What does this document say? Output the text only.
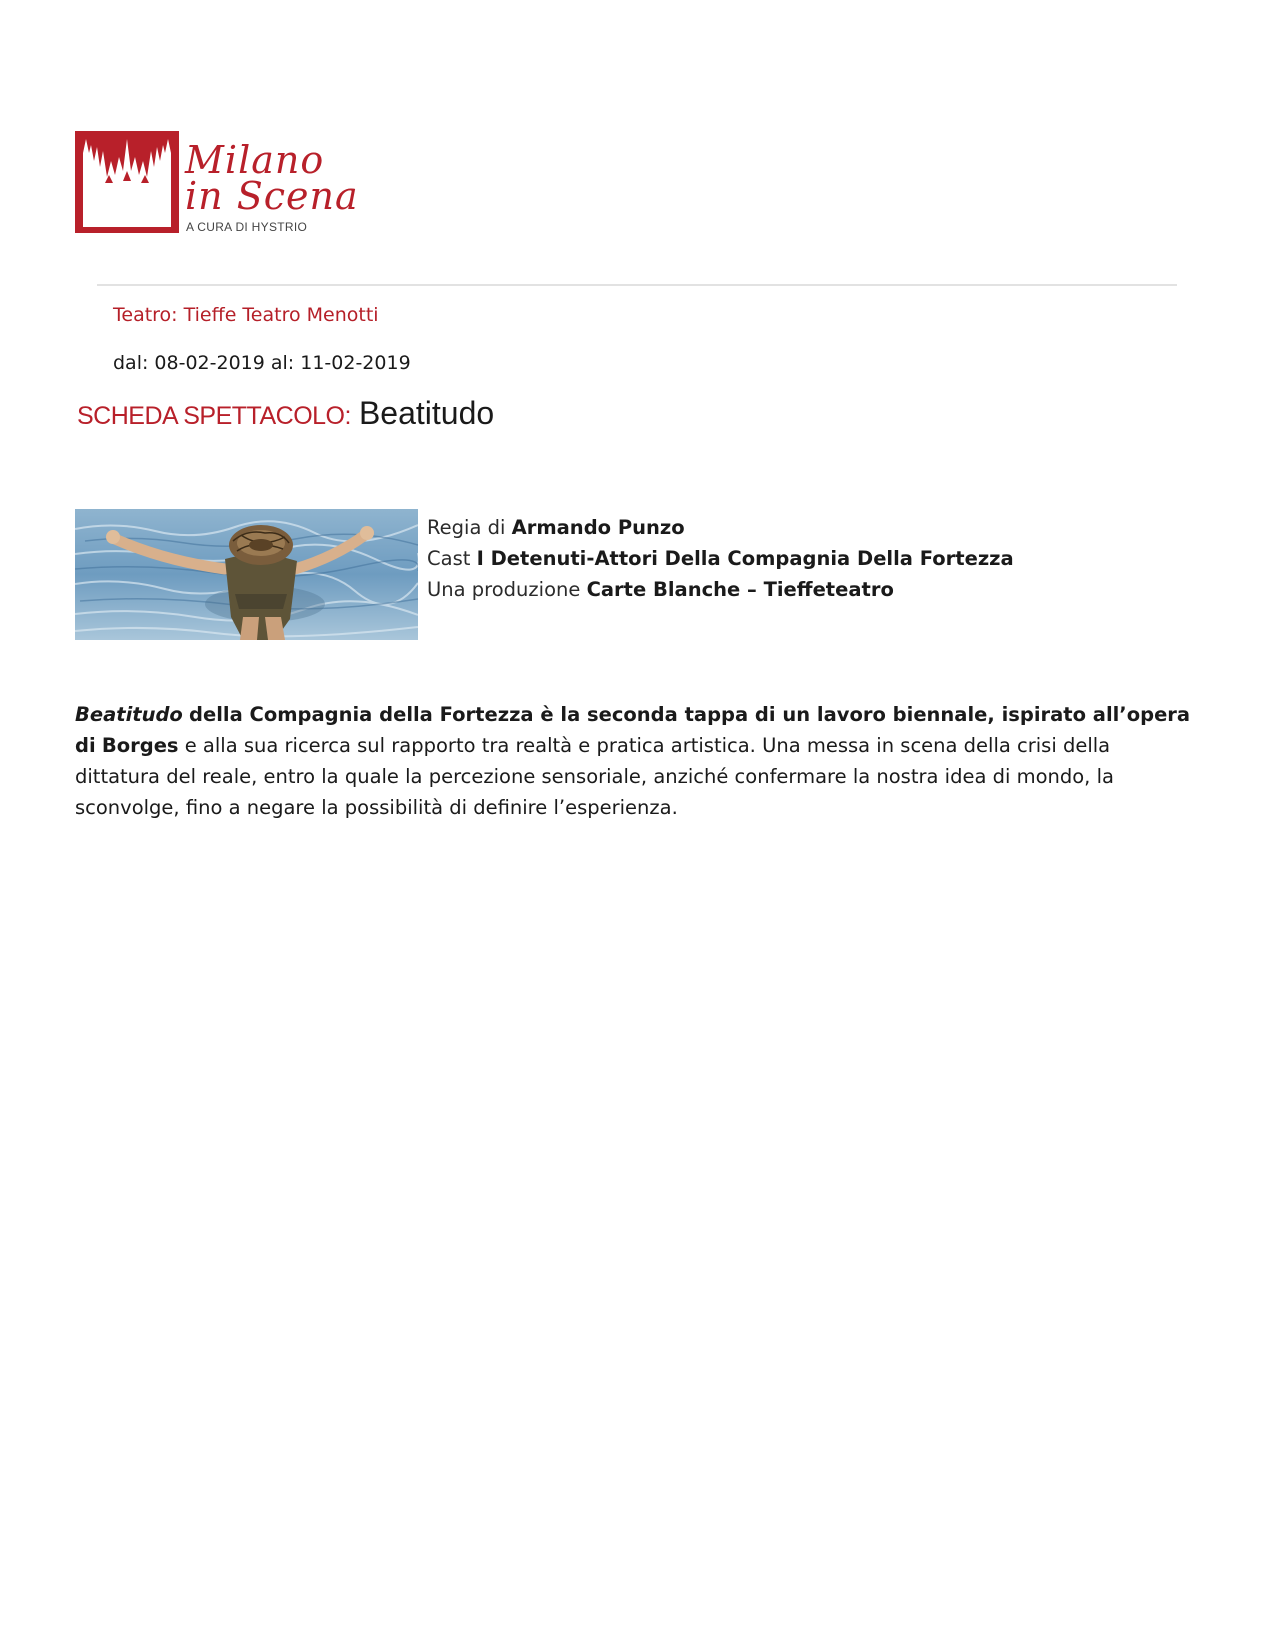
Milano
in Scena
A CURA DI HYSTRIO
Teatro: Tieffe Teatro Menotti
dal: 08-02-2019 al: 11-02-2019
SCHEDA SPETTACOLO: Beatitudo
Regia di Armando Punzo
Cast I Detenuti-Attori Della Compagnia Della Fortezza
Una produzione Carte Blanche – Tieffeteatro
Beatitudo della Compagnia della Fortezza è la seconda tappa di un lavoro biennale, ispirato all’opera di Borges e alla sua ricerca sul rapporto tra realtà e pratica artistica. Una messa in scena della crisi della dittatura del reale, entro la quale la percezione sensoriale, anziché confermare la nostra idea di mondo, la sconvolge, fino a negare la possibilità di definire l’esperienza.
